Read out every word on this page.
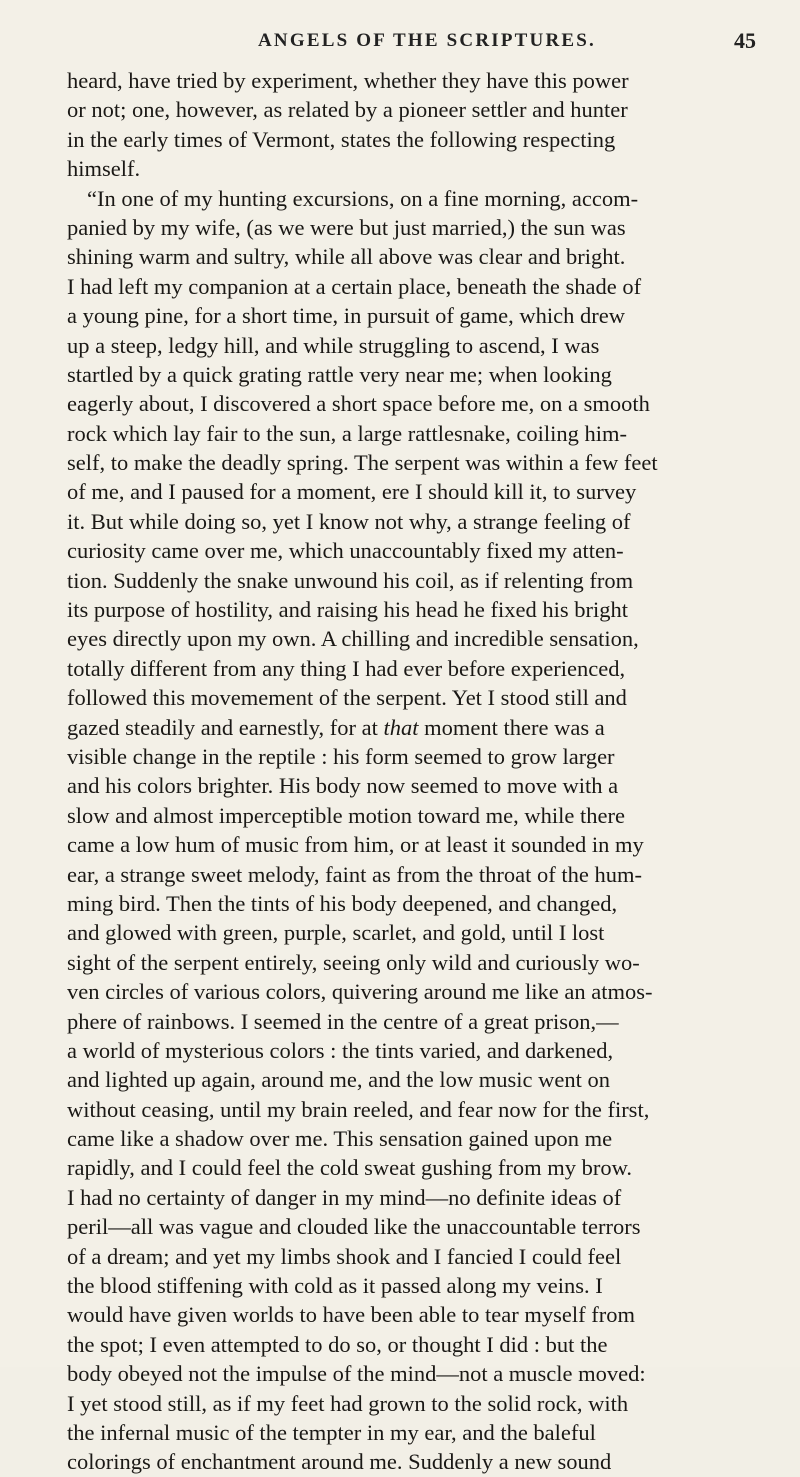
ANGELS OF THE SCRIPTURES.	45
heard, have tried by experiment, whether they have this power
or not; one, however, as related by a pioneer settler and hunter
in the early times of Vermont, states the following respecting
himself.
“In one of my hunting excursions, on a fine morning, accom-
panied by my wife, (as we were but just married,) the sun was
shining warm and sultry, while all above was clear and bright.
I had left my companion at a certain place, beneath the shade of
a young pine, for a short time, in pursuit of game, which drew
up a steep, ledgy hill, and while struggling to ascend, I was
startled by a quick grating rattle very near me; when looking
eagerly about, I discovered a short space before me, on a smooth
rock which lay fair to the sun, a large rattlesnake, coiling him-
self, to make the deadly spring. The serpent was within a few feet
of me, and I paused for a moment, ere I should kill it, to survey
it. But while doing so, yet I know not why, a strange feeling of
curiosity came over me, which unaccountably fixed my atten-
tion. Suddenly the snake unwound his coil, as if relenting from
its purpose of hostility, and raising his head he fixed his bright
eyes directly upon my own. A chilling and incredible sensation,
totally different from any thing I had ever before experienced,
followed this movemement of the serpent. Yet I stood still and
gazed steadily and earnestly, for at that moment there was a
visible change in the reptile : his form seemed to grow larger
and his colors brighter. His body now seemed to move with a
slow and almost imperceptible motion toward me, while there
came a low hum of music from him, or at least it sounded in my
ear, a strange sweet melody, faint as from the throat of the hum-
ming bird. Then the tints of his body deepened, and changed,
and glowed with green, purple, scarlet, and gold, until I lost
sight of the serpent entirely, seeing only wild and curiously wo-
ven circles of various colors, quivering around me like an atmos-
phere of rainbows. I seemed in the centre of a great prison,—
a world of mysterious colors : the tints varied, and darkened,
and lighted up again, around me, and the low music went on
without ceasing, until my brain reeled, and fear now for the first,
came like a shadow over me. This sensation gained upon me
rapidly, and I could feel the cold sweat gushing from my brow.
I had no certainty of danger in my mind—no definite ideas of
peril—all was vague and clouded like the unaccountable terrors
of a dream; and yet my limbs shook and I fancied I could feel
the blood stiffening with cold as it passed along my veins. I
would have given worlds to have been able to tear myself from
the spot; I even attempted to do so, or thought I did : but the
body obeyed not the impulse of the mind—not a muscle moved:
I yet stood still, as if my feet had grown to the solid rock, with
the infernal music of the tempter in my ear, and the baleful
colorings of enchantment around me. Suddenly a new sound
